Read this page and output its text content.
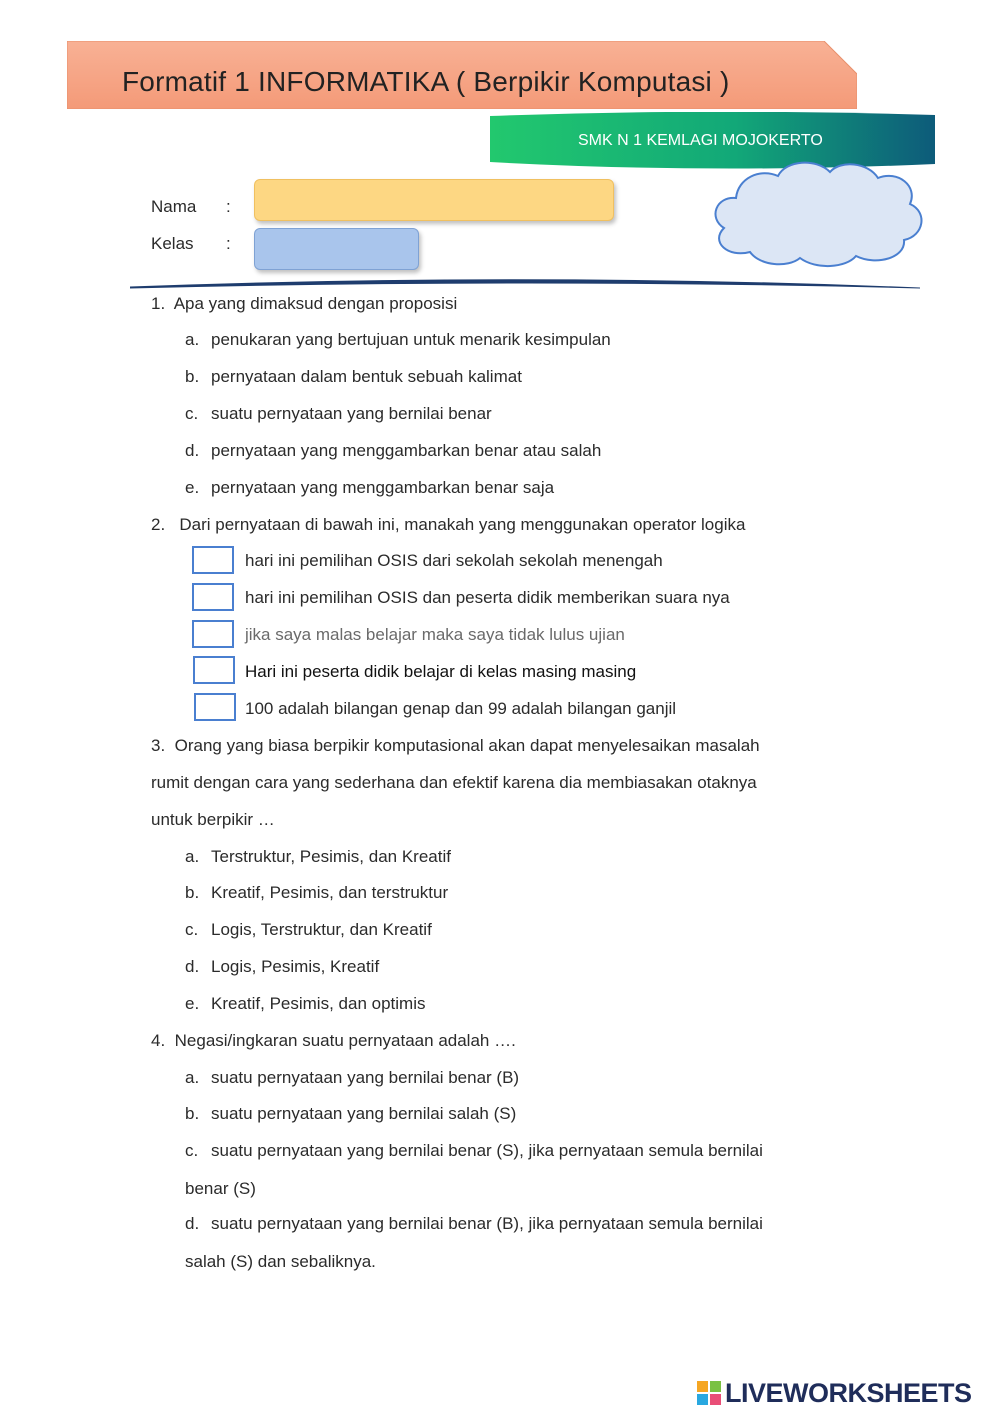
Formatif 1 INFORMATIKA ( Berpikir Komputasi )
SMK N 1 KEMLAGI MOJOKERTO
Nama :
Kelas :
1. Apa yang dimaksud dengan proposisi
a. penukaran yang bertujuan untuk menarik kesimpulan
b. pernyataan dalam bentuk sebuah kalimat
c. suatu pernyataan yang bernilai benar
d. pernyataan yang menggambarkan benar atau salah
e. pernyataan yang menggambarkan benar saja
2. Dari pernyataan di bawah ini, manakah yang menggunakan operator logika
hari ini pemilihan OSIS dari sekolah sekolah menengah
hari ini pemilihan OSIS dan peserta didik memberikan suara nya
jika saya malas belajar maka saya tidak lulus ujian
Hari ini peserta didik belajar di kelas masing masing
100 adalah bilangan genap dan 99 adalah bilangan ganjil
3. Orang yang biasa berpikir komputasional akan dapat menyelesaikan masalah
rumit dengan cara yang sederhana dan efektif karena dia membiasakan otaknya
untuk berpikir …
a. Terstruktur, Pesimis, dan Kreatif
b. Kreatif, Pesimis, dan terstruktur
c. Logis, Terstruktur, dan Kreatif
d. Logis, Pesimis, Kreatif
e. Kreatif, Pesimis, dan optimis
4. Negasi/ingkaran suatu pernyataan adalah ….
a. suatu pernyataan yang bernilai benar (B)
b. suatu pernyataan yang bernilai salah (S)
c. suatu pernyataan yang bernilai benar (S), jika pernyataan semula bernilai
benar (S)
d. suatu pernyataan yang bernilai benar (B), jika pernyataan semula bernilai
salah (S) dan sebaliknya.
LIVEWORKSHEETS
